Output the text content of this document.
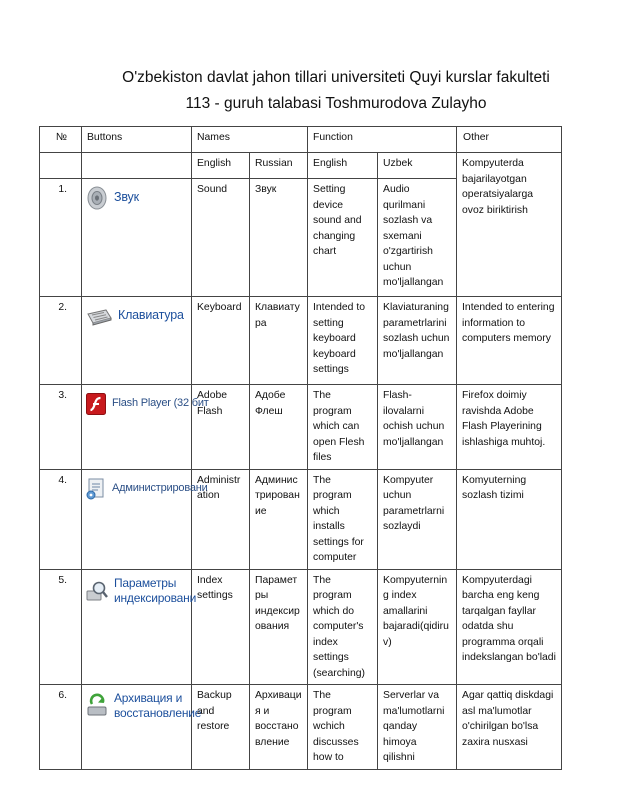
O'zbekiston davlat jahon tillari universiteti Quyi kurslar fakulteti
113 - guruh talabasi Toshmurodova Zulayho
№	Buttons	Names		Function		Other
		English	Russian	English	Uzbek	Kompyuterda bajarilayotgan operatsiyalarga ovoz biriktirish
1.	Звук	Sound	Звук	Setting device sound and changing chart	Audio qurilmani sozlash va sxemani o'zgartirish uchun mo'ljallangan	
2.	Клавиатура	Keyboard	Клавиатура	Intended to setting keyboard keyboard settings	Klaviaturaning parametrlarini sozlash uchun mo'ljallangan	Intended to entering information to computers memory
3.	Flash Player (32 бит	Adobe Flash	Адобе Флеш	The program which can open Flesh files	Flash-ilovalarni ochish uchun mo'ljallangan	Firefox doimiy ravishda Adobe Flash Playerining ishlashiga muhtoj.
4.	Администрировани	Administration	Администрирование	The program which installs settings for computer	Kompyuter uchun parametrlarni sozlaydi	Komyuterning sozlash tizimi
5.	Параметры индексировани	Index settings	Параметры индексирования	The program which do computer's index settings (searching)	Kompyuterning index amallarini bajaradi(qidiruv)	Kompyuterdagi barcha eng keng tarqalgan fayllar odatda shu programma orqali indekslangan bo'ladi
6.	Архивация и восстановление	Backup and restore	Архивация и восстановление	The program wchich discusses how to	Serverlar va ma'lumotlarni qanday himoya qilishni	Agar qattiq diskdagi asl ma'lumotlar o'chirilgan bo'lsa zaxira nusxasi
